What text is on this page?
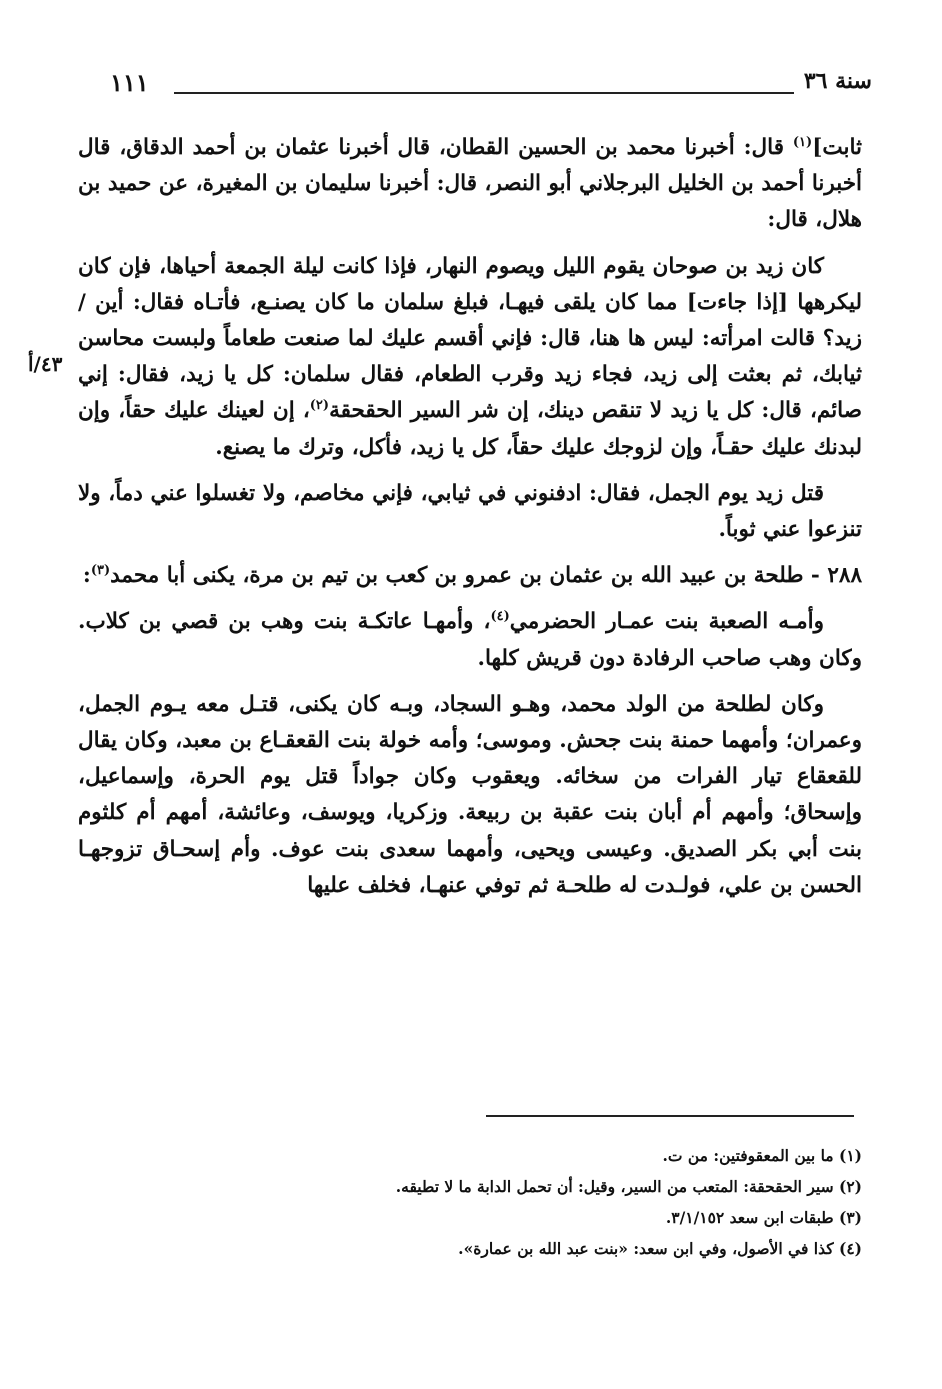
سنة ٣٦
١١١
٤٣/أ

ثابت]$^{(١)}$ قال: أخبرنا محمد بن الحسين القطان، قال أخبرنا عثمان بن أحمد الدقاق، قال أخبرنا أحمد بن الخليل البرجلاني أبو النصر، قال: أخبرنا سليمان بن المغيرة، عن حميد بن هلال، قال:

كان زيد بن صوحان يقوم الليل ويصوم النهار، فإذا كانت ليلة الجمعة أحياها، فإن كان ليكرهها [إذا جاءت] مما كان يلقى فيهـا، فبلغ سلمان ما كان يصنـع، فأتـاه فقال: أين / زيد؟ قالت امرأته: ليس ها هنا، قال: فإني أقسم عليك لما صنعت طعاماً ولبست محاسن ثيابك، ثم بعثت إلى زيد، فجاء زيد وقرب الطعام، فقال سلمان: كل يا زيد، فقال: إني صائم، قال: كل يا زيد لا تنقص دينك، إن شر السير الحقحقة$^{(٢)}$، إن لعينك عليك حقاً، وإن لبدنك عليك حقـاً، وإن لزوجك عليك حقاً، كل يا زيد، فأكل، وترك ما يصنع.

قتل زيد يوم الجمل، فقال: ادفنوني في ثيابي، فإني مخاصم، ولا تغسلوا عني دماً، ولا تنزعوا عني ثوباً.

٢٨٨ - طلحة بن عبيد الله بن عثمان بن عمرو بن كعب بن تيم بن مرة، يكنى أبا محمد$^{(٣)}$:

وأمـه الصعبة بنت عمـار الحضرمي$^{(٤)}$، وأمهـا عاتكـة بنت وهب بن قصي بن كلاب. وكان وهب صاحب الرفادة دون قريش كلها.

وكان لطلحة من الولد محمد، وهـو السجاد، وبـه كان يكنى، قتـل معه يـوم الجمل، وعمران؛ وأمهما حمنة بنت جحش. وموسى؛ وأمه خولة بنت القعقـاع بن معبد، وكان يقال للقعقاع تيار الفرات من سخائه. ويعقوب وكان جواداً قتل يوم الحرة، وإسماعيل، وإسحاق؛ وأمهم أم أبان بنت عقبة بن ربيعة. وزكريا، ويوسف، وعائشة، أمهم أم كلثوم بنت أبي بكر الصديق. وعيسى ويحيى، وأمهما سعدى بنت عوف. وأم إسحـاق تزوجهـا الحسن بن علي، فولـدت له طلحـة ثم توفي عنهـا، فخلف عليها

(١) ما بين المعقوفتين: من ت.
(٢) سير الحقحقة: المتعب من السير، وقيل: أن تحمل الدابة ما لا تطيقه.
(٣) طبقات ابن سعد ٣/١/١٥٢.
(٤) كذا في الأصول، وفي ابن سعد: «بنت عبد الله بن عمارة».
